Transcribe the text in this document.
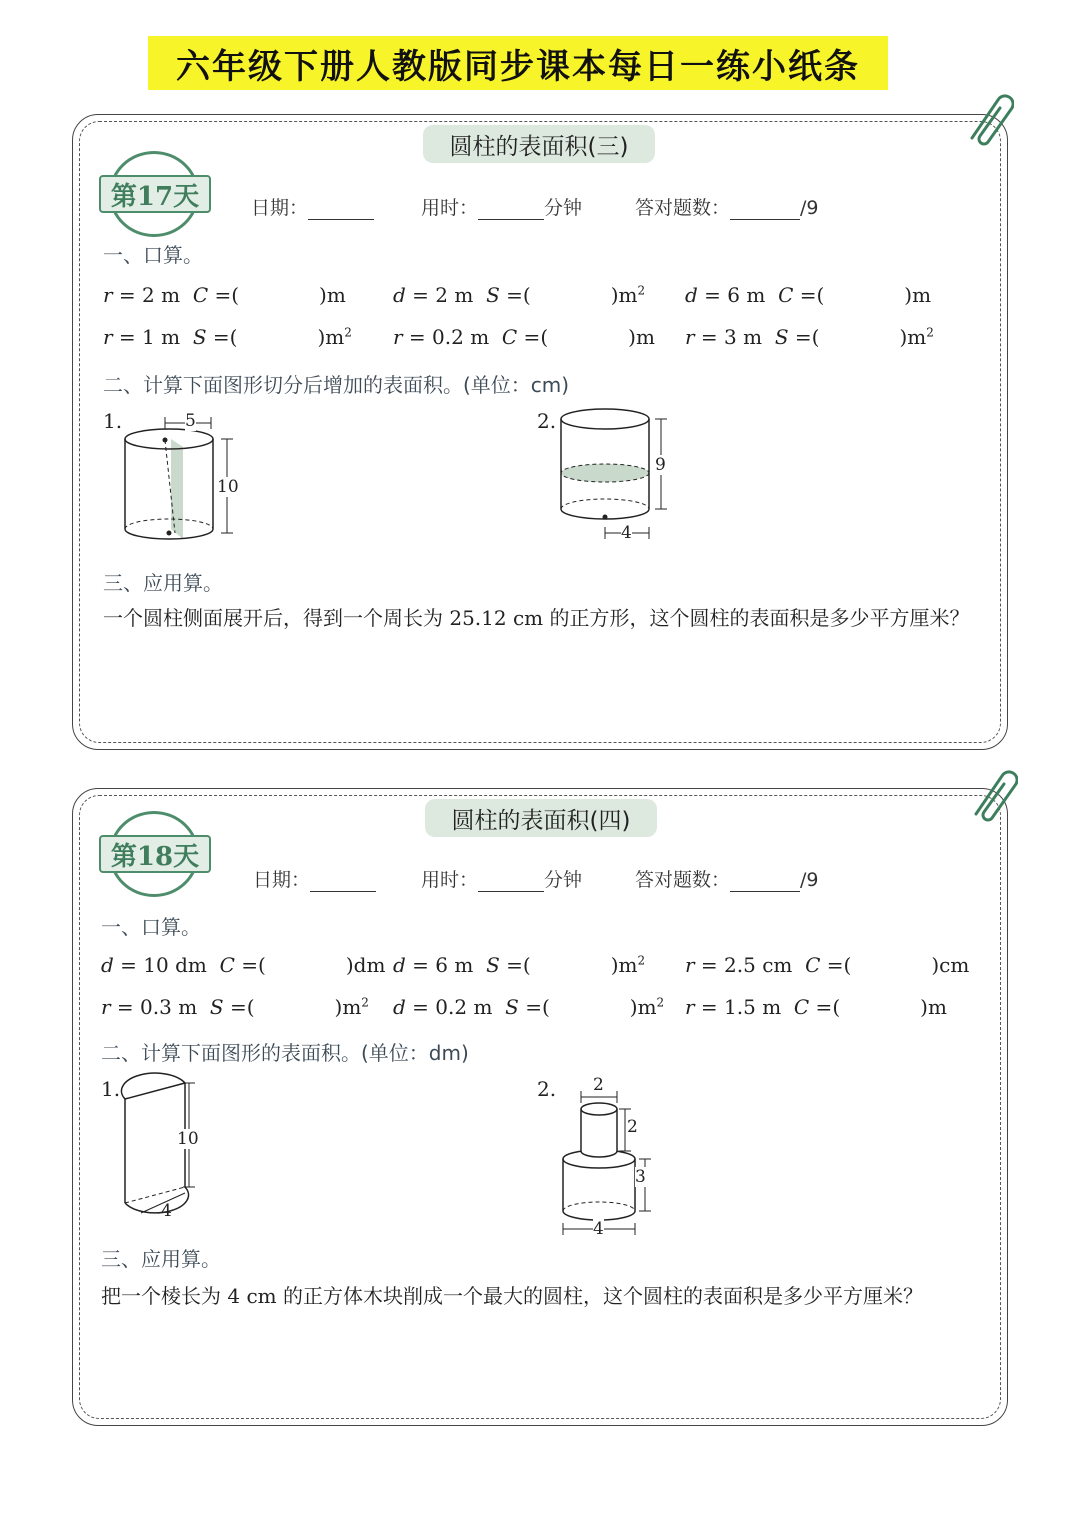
六年级下册人教版同步课本每日一练小纸条
圆柱的表面积(三)
第17天	日期：	用时：	分钟	答对题数：	/9
一、口算。
r = 2 m C =(	)m d = 2 m S =(	)$m^2$ d = 6 m C =(	)m
r = 1 m S =(	)$m^2$ r = 0.2 m C =(	)m r = 3 m S =(	)$m^2$
二、计算下面图形切分后增加的表面积。(单位：cm)
1.	5
10
2.
9
4
三、应用算。
一个圆柱侧面展开后，得到一个周长为 25.12 cm 的正方形，这个圆柱的表面积是多少平方厘米？
圆柱的表面积(四)
第18天
日期：	用时：	分钟	答对题数：	/9
一、口算。
d = 10 dm C =(	)dm d = 6 m S =(	)$m^2$ r = 2.5 cm C =(	)cm
r = 0.3 m S =(	)$m^2$ d = 0.2 m S =(	)$m^2$ r = 1.5 m C =(	)m
二、计算下面图形的表面积。(单位：dm)
1.
10
4
2. 2
2
3
4
三、应用算。
把一个棱长为 4 cm 的正方体木块削成一个最大的圆柱，这个圆柱的表面积是多少平方厘米？
